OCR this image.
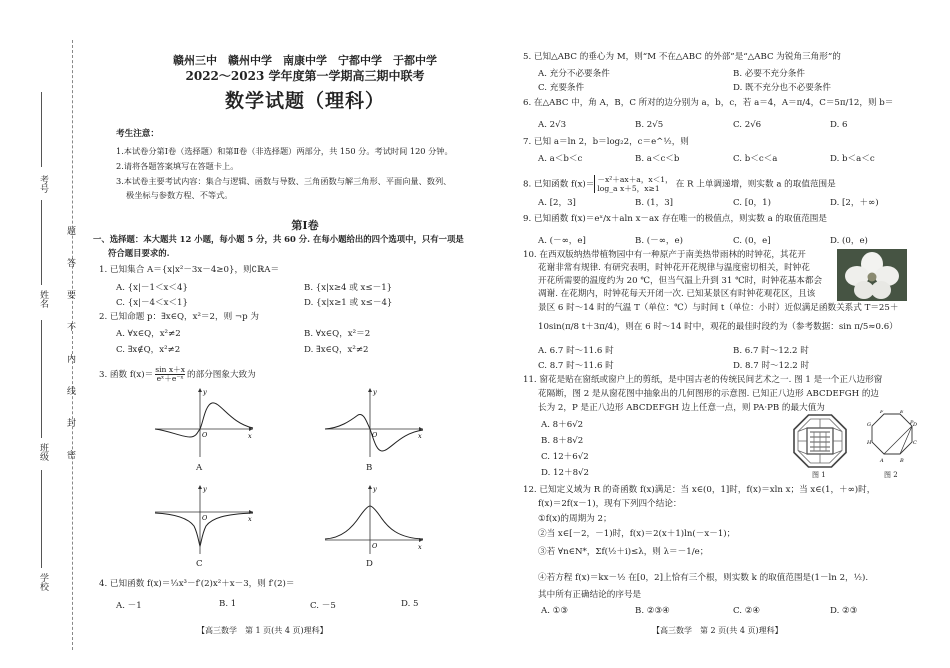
考号
姓名
班级
学校
题
答
要
不
内
线
封
密
赣州三中　赣州中学　南康中学　宁都中学　于都中学
2022～2023 学年度第一学期高三期中联考
数学试题（理科）
考生注意：
1.本试卷分第Ⅰ卷（选择题）和第Ⅱ卷（非选择题）两部分，共 150 分。考试时间 120 分钟。
2.请将各题答案填写在答题卡上。
3.本试卷主要考试内容：集合与逻辑、函数与导数、三角函数与解三角形、平面向量、数列、
极坐标与参数方程、不等式。
第Ⅰ卷
一、选择题：本大题共 12 小题，每小题 5 分，共 60 分. 在每小题给出的四个选项中，只有一项是
符合题目要求的.
1. 已知集合 A＝{x|x²－3x－4≥0}，则∁ℝA＝
A. {x|－1＜x＜4}	B. {x|x≥4 或 x≤－1}
C. {x|－4＜x＜1}	D. {x|x≥1 或 x≤－4}
2. 已知命题 p：∃x∈Q，x²＝2，则 ¬p 为
A. ∀x∈Q，x²≠2	B. ∀x∈Q，x²＝2
C. ∃x∉Q，x²≠2	D. ∃x∈Q，x²≠2
3. 函数 $f(x)= \frac{\text{sin x＋x}}{\text{eˣ＋e⁻ˣ}}$ 的部分图象大致为
x
y
O
A
x
y
O
B
x
y
O
C
x
y
O
D
4. 已知函数 f(x)＝⅓x³－f′(2)x²＋x－3，则 f′(2)＝
A. －1	B. 1	C. －5	D. 5
【高三数学　第 1 页(共 4 页)理科】
5. 已知△ABC 的垂心为 M，则“M 不在△ABC 的外部”是“△ABC 为锐角三角形”的
A. 充分不必要条件	B. 必要不充分条件
C. 充要条件	D. 既不充分也不必要条件
6. 在△ABC 中，角 A，B，C 所对的边分别为 a，b，c，若 a＝4，A＝π/4，C＝5π/12，则 b＝
A. 2√3	B. 2√5	C. 2√6	D. 6
7. 已知 a＝ln 2，b＝log₂2，c＝e^½，则
A. a＜b＜c	B. a＜c＜b	C. b＜c＜a	D. b＜a＜c
8. 已知函数 f(x)＝ －x²＋ax＋a，x＜1，
log_a x＋5，x≥1	在 R 上单调递增，则实数 a 的取值范围是
A. [2，3]	B. (1，3]	C. [0，1)	D. [2，＋∞)
9. 已知函数 f(x)＝eˣ/x＋aln x－ax 存在唯一的极值点，则实数 a 的取值范围是
A. (－∞，e]	B. (－∞，e)	C. (0，e]	D. (0，e)
10. 在西双版纳热带植物园中有一种原产于南美热带雨林的时钟花，其花开
花谢非常有规律. 有研究表明，时钟花开花规律与温度密切相关，时钟花
开花所需要的温度约为 20 ℃，但当气温上升到 31 ℃时，时钟花基本都会
凋谢. 在花期内，时钟花每天开闭一次. 已知某景区有时钟花观花区，且该
景区 6 时～14 时的气温 T（单位：℃）与时间 t（单位：小时）近似满足函数关系式 T＝25＋
10sin(π/8 t＋3π/4)，则在 6 时～14 时中，观花的最佳时段约为（参考数据：sin π/5≈0.6）
A. 6.7 时～11.6 时	B. 6.7 时～12.2 时
C. 8.7 时～11.6 时	D. 8.7 时～12.2 时
11. 窗花是贴在窗纸或窗户上的剪纸，是中国古老的传统民间艺术之一. 图 1 是一个正八边形窗
花隔断，图 2 是从窗花图中抽象出的几何图形的示意图. 已知正八边形 ABCDEFGH 的边
长为 2，P 是正八边形 ABCDEFGH 边上任意一点，则 PA·PB 的最大值为
A. 8＋6√2
B. 8＋8√2
C. 12＋6√2
D. 12＋8√2	图 1
P
A	B
C
D
E
F
G
H
图 2
12. 已知定义域为 R 的奇函数 f(x)满足：当 x∈(0，1]时，f(x)＝xln x；当 x∈(1，＋∞)时，
f(x)＝2f(x－1)，现有下列四个结论：
①f(x)的周期为 2；
②当 x∈[－2，－1)时，f(x)＝2(x＋1)ln(－x－1)；
③若 ∀n∈N*，Σf(½＋i)≤λ，则 λ＝－1/e；
④若方程 f(x)＝kx－½ 在[0，2]上恰有三个根，则实数 k 的取值范围是(1－ln 2，½).
其中所有正确结论的序号是
A. ①③	B. ②③④	C. ②④	D. ②③
【高三数学　第 2 页(共 4 页)理科】
